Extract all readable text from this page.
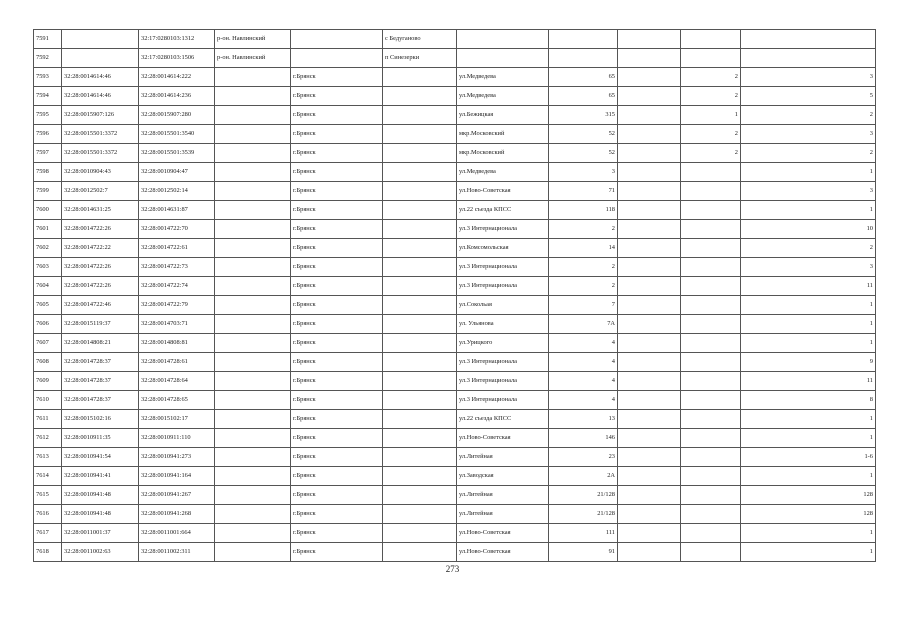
7591		32:17:0280103:1312	р-он. Навлинский		с Бедуганово					
7592		32:17:0280103:1506	р-он. Навлинский		п Синезерки					
7593	32:28:0014614:46	32:28:0014614:222		г.Брянск		ул.Медведева	65		2	3
7594	32:28:0014614:46	32:28:0014614:236		г.Брянск		ул.Медведева	65		2	5
7595	32:28:0015907:126	32:28:0015907:280		г.Брянск		ул.Бежицкая	315		1	2
7596	32:28:0015501:3372	32:28:0015501:3540		г.Брянск		мкр.Московский	52		2	3
7597	32:28:0015501:3372	32:28:0015501:3539		г.Брянск		мкр.Московский	52		2	2
7598	32:28:0010904:43	32:28:0010904:47		г.Брянск		ул.Медведева	3			1
7599	32:28:0012502:7	32:28:0012502:14		г.Брянск		ул.Ново-Советская	71			3
7600	32:28:0014631:25	32:28:0014631:87		г.Брянск		ул.22 съезда КПСС	118			1
7601	32:28:0014722:26	32:28:0014722:70		г.Брянск		ул.3 Интернационала	2			10
7602	32:28:0014722:22	32:28:0014722:61		г.Брянск		ул.Комсомольская	14			2
7603	32:28:0014722:26	32:28:0014722:73		г.Брянск		ул.3 Интернационала	2			3
7604	32:28:0014722:26	32:28:0014722:74		г.Брянск		ул.3 Интернационала	2			11
7605	32:28:0014722:46	32:28:0014722:79		г.Брянск		ул.Сокольая	7			1
7606	32:28:0015119:37	32:28:0014703:71		г.Брянск		ул. Ульянова	7А			1
7607	32:28:0014808:21	32:28:0014808:81		г.Брянск		ул.Урицкого	4			1
7608	32:28:0014728:37	32:28:0014728:61		г.Брянск		ул.3 Интернационала	4			9
7609	32:28:0014728:37	32:28:0014728:64		г.Брянск		ул.3 Интернационала	4			11
7610	32:28:0014728:37	32:28:0014728:65		г.Брянск		ул.3 Интернационала	4			8
7611	32:28:0015102:16	32:28:0015102:17		г.Брянск		ул.22 съезда КПСС	13			1
7612	32:28:0010911:35	32:28:0010911:110		г.Брянск		ул.Ново-Советская	146			1
7613	32:28:0010941:54	32:28:0010941:273		г.Брянск		ул.Литейная	23			1-6
7614	32:28:0010941:41	32:28:0010941:164		г.Брянск		ул.Заводская	2А			1
7615	32:28:0010941:48	32:28:0010941:267		г.Брянск		ул.Литейная	21/128			128
7616	32:28:0010941:48	32:28:0010941:268		г.Брянск		ул.Литейная	21/128			128
7617	32:28:0011001:37	32:28:0011001:664		г.Брянск		ул.Ново-Советская	111			1
7618	32:28:0011002:63	32:28:0011002:311		г.Брянск		ул.Ново-Советская	91			1
273
